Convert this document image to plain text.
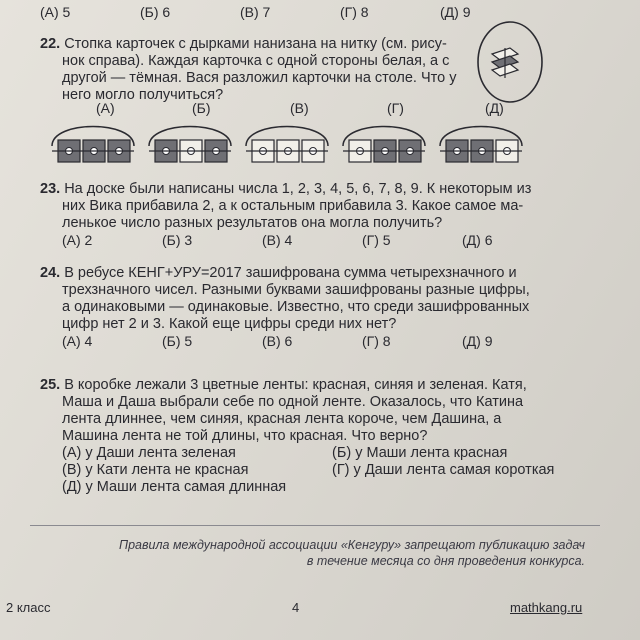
(А) 5	(Б) 6	(В) 7	(Г) 8	(Д) 9

22. Стопка карточек с дырками нанизана на нитку (см. рису-

нок справа). Каждая карточка с одной стороны белая, а с

другой — тёмная. Вася разложил карточки на столе. Что у

него могло получиться?

(А)	(Б)	(В)	(Г)	(Д)

23. На доске были написаны числа 1, 2, 3, 4, 5, 6, 7, 8, 9. К некоторым из

них Вика прибавила 2, а к остальным прибавила 3. Какое самое ма-

ленькое число разных результатов она могла получить?

(А) 2	(Б) 3	(В) 4	(Г) 5	(Д) 6

24. В ребусе КЕНГ+УРУ=2017 зашифрована сумма четырехзначного и

трехзначного чисел. Разными буквами зашифрованы разные цифры,

а одинаковыми — одинаковые. Известно, что среди зашифрованных

цифр нет 2 и 3. Какой еще цифры среди них нет?

(А) 4	(Б) 5	(В) 6	(Г) 8	(Д) 9

25. В коробке лежали 3 цветные ленты: красная, синяя и зеленая. Катя,

Маша и Даша выбрали себе по одной ленте. Оказалось, что Катина

лента длиннее, чем синяя, красная лента короче, чем Дашина, а

Машина лента не той длины, что красная. Что верно?

(А) у Даши лента зеленая	(Б) у Маши лента красная
(В) у Кати лента не красная	(Г) у Даши лента самая короткая
(Д) у Маши лента самая длинная
Правила международной ассоциации «Кенгуру» запрещают публикацию задач
в течение месяца со дня проведения конкурса.
2 класс	4	mathkang.ru
